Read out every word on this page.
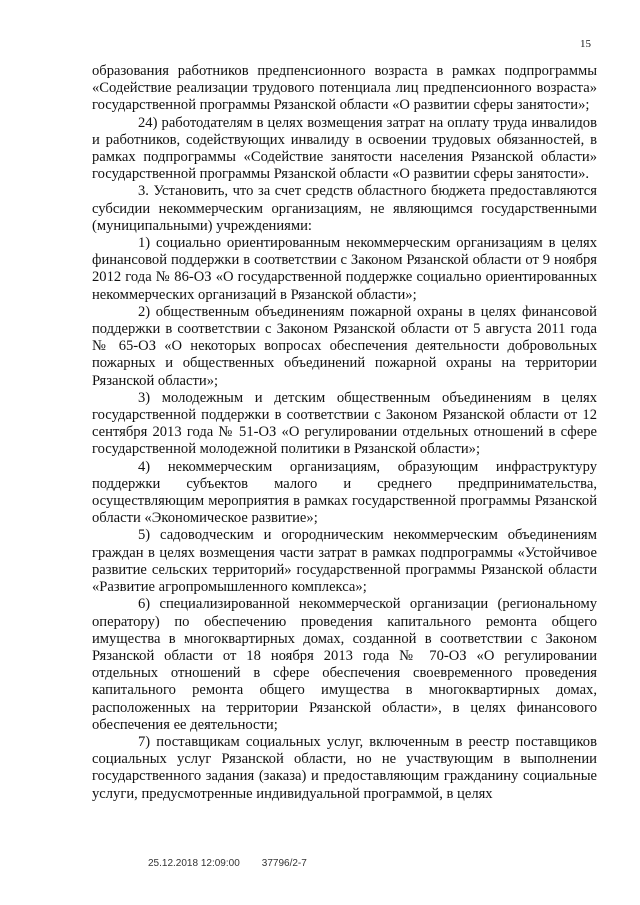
15

образования работников предпенсионного возраста в рамках подпрограммы «Содействие реализации трудового потенциала лиц предпенсионного возраста» государственной программы Рязанской области «О развитии сферы занятости»;

24) работодателям в целях возмещения затрат на оплату труда инвалидов и работников, содействующих инвалиду в освоении трудовых обязанностей, в рамках подпрограммы «Содействие занятости населения Рязанской области» государственной программы Рязанской области «О развитии сферы занятости».

3. Установить, что за счет средств областного бюджета предоставляются субсидии некоммерческим организациям, не являющимся государственными (муниципальными) учреждениями:

1) социально ориентированным некоммерческим организациям в целях финансовой поддержки в соответствии с Законом Рязанской области от 9 ноября 2012 года № 86-ОЗ «О государственной поддержке социально ориентированных некоммерческих организаций в Рязанской области»;

2) общественным объединениям пожарной охраны в целях финансовой поддержки в соответствии с Законом Рязанской области от 5 августа 2011 года № 65-ОЗ «О некоторых вопросах обеспечения деятельности добровольных пожарных и общественных объединений пожарной охраны на территории Рязанской области»;

3) молодежным и детским общественным объединениям в целях государственной поддержки в соответствии с Законом Рязанской области от 12 сентября 2013 года № 51-ОЗ «О регулировании отдельных отношений в сфере государственной молодежной политики в Рязанской области»;

4) некоммерческим организациям, образующим инфраструктуру поддержки субъектов малого и среднего предпринимательства, осуществляющим мероприятия в рамках государственной программы Рязанской области «Экономическое развитие»;

5) садоводческим и огородническим некоммерческим объединениям граждан в целях возмещения части затрат в рамках подпрограммы «Устойчивое развитие сельских территорий» государственной программы Рязанской области «Развитие агропромышленного комплекса»;

6) специализированной некоммерческой организации (региональному оператору) по обеспечению проведения капитального ремонта общего имущества в многоквартирных домах, созданной в соответствии с Законом Рязанской области от 18 ноября 2013 года № 70-ОЗ «О регулировании отдельных отношений в сфере обеспечения своевременного проведения капитального ремонта общего имущества в многоквартирных домах, расположенных на территории Рязанской области», в целях финансового обеспечения ее деятельности;

7) поставщикам социальных услуг, включенным в реестр поставщиков социальных услуг Рязанской области, но не участвующим в выполнении государственного задания (заказа) и предоставляющим гражданину социальные услуги, предусмотренные индивидуальной программой, в целях

25.12.2018 12:09:00 37796/2-7
